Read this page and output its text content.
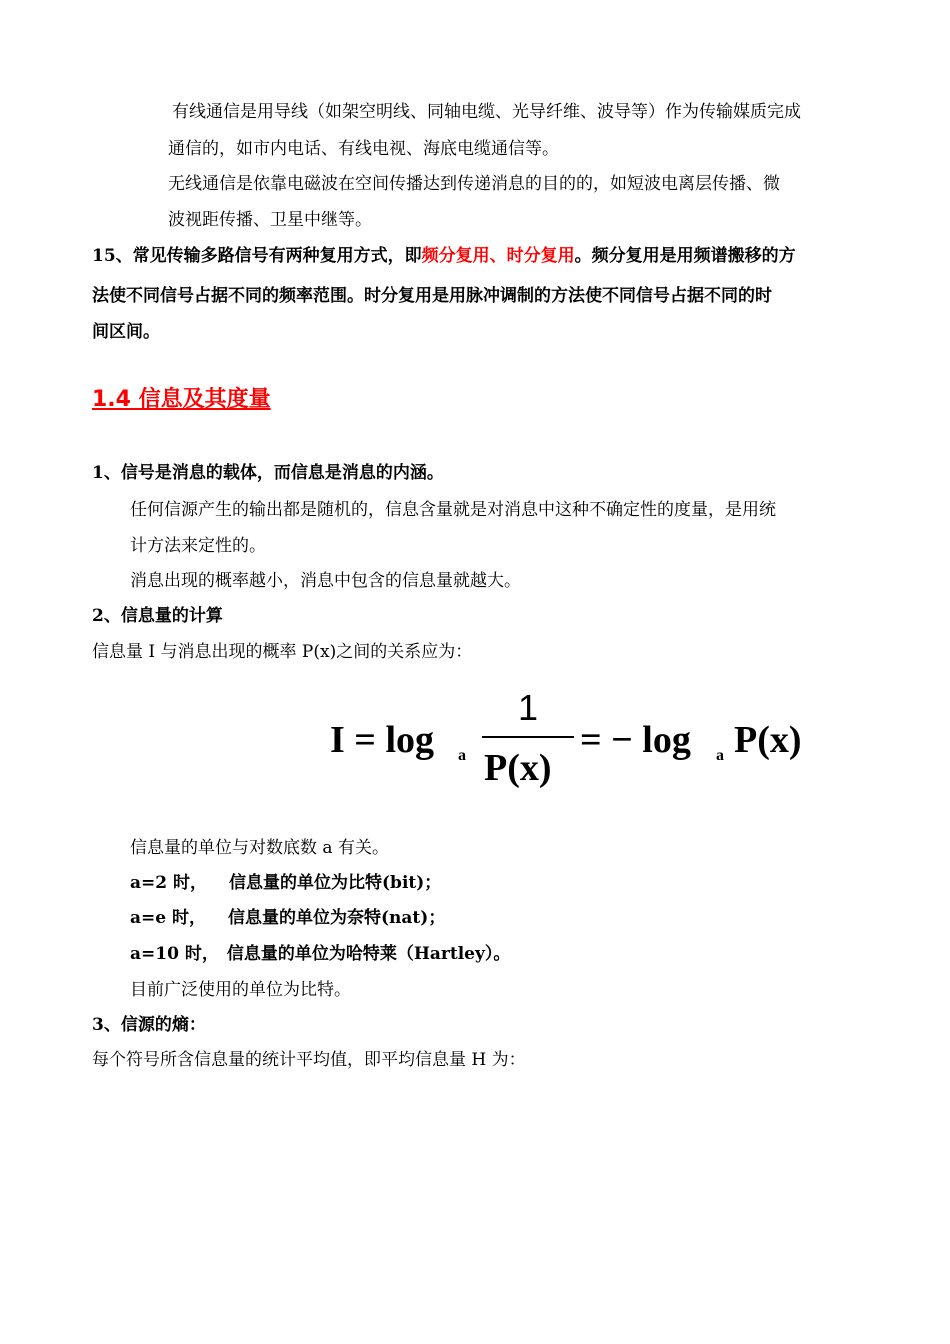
有线通信是用导线（如架空明线、同轴电缆、光导纤维、波导等）作为传输媒质完成
通信的，如市内电话、有线电视、海底电缆通信等。
无线通信是依靠电磁波在空间传播达到传递消息的目的的，如短波电离层传播、微
波视距传播、卫星中继等。
15、常见传输多路信号有两种复用方式，即频分复用、时分复用。频分复用是用频谱搬移的方
法使不同信号占据不同的频率范围。时分复用是用脉冲调制的方法使不同信号占据不同的时
间区间。
1.4 信息及其度量
1、信号是消息的载体，而信息是消息的内涵。
任何信源产生的输出都是随机的，信息含量就是对消息中这种不确定性的度量，是用统
计方法来定性的。
消息出现的概率越小，消息中包含的信息量就越大。
2、信息量的计算
信息量 I 与消息出现的概率 P(x)之间的关系应为：
I = log a
1
P(x)
= − log a P(x)
信息量的单位与对数底数 a 有关。
a=2 时， 信息量的单位为比特(bit)；
a=e 时， 信息量的单位为奈特(nat)；
a=10 时， 信息量的单位为哈特莱（Hartley）。
目前广泛使用的单位为比特。
3、信源的熵：
每个符号所含信息量的统计平均值，即平均信息量 H 为：
